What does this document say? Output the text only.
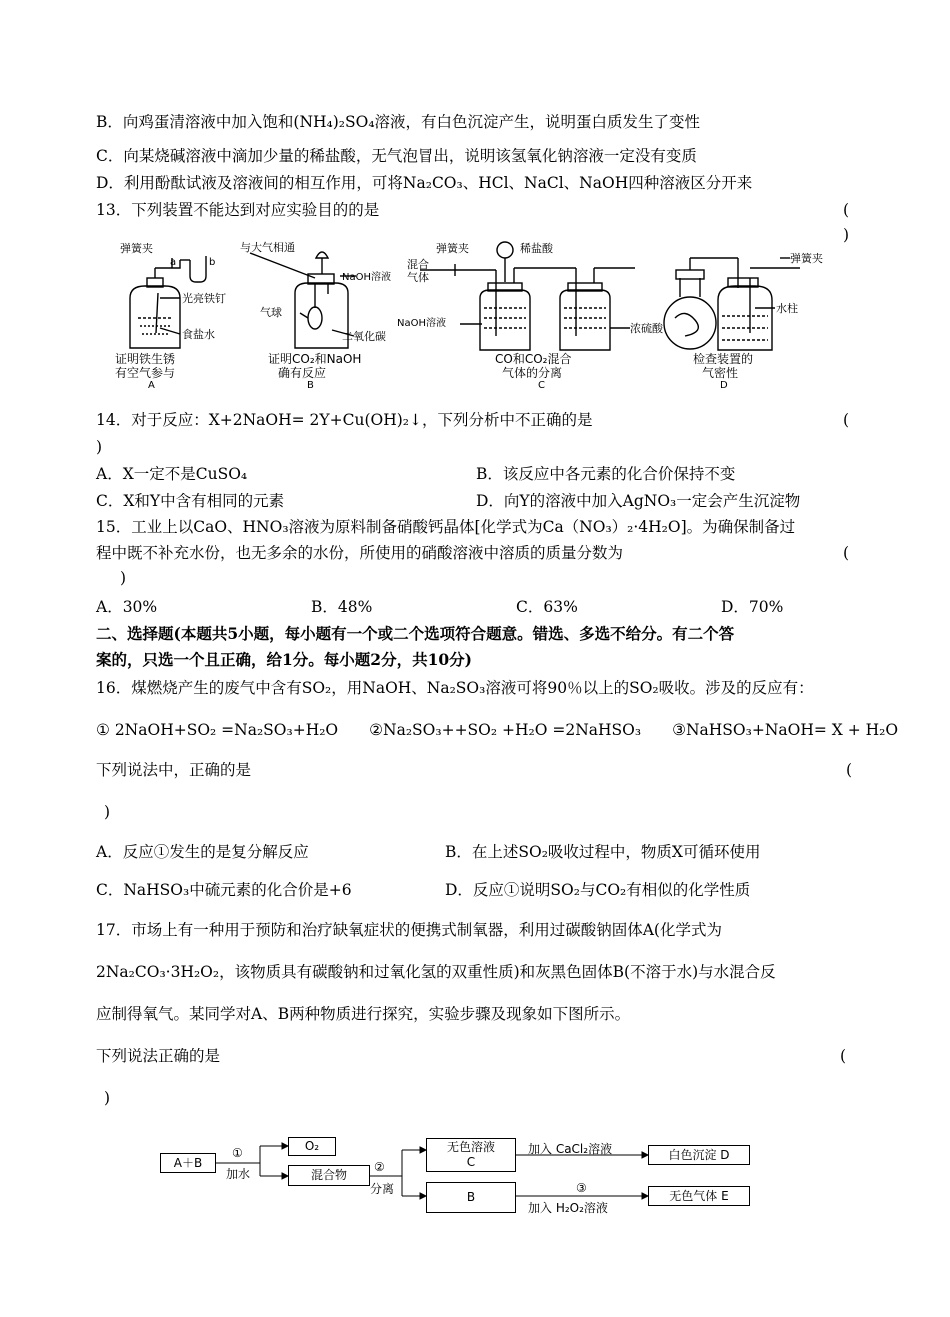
B．向鸡蛋清溶液中加入饱和(NH₄)₂SO₄溶液，有白色沉淀产生，说明蛋白质发生了变性
C．向某烧碱溶液中滴加少量的稀盐酸，无气泡冒出，说明该氢氧化钠溶液一定没有变质
D．利用酚酞试液及溶液间的相互作用，可将Na₂CO₃、HCl、NaCl、NaOH四种溶液区分开来
13．下列装置不能达到对应实验目的的是	(
)
弹簧夹
a	b
光亮铁钉
食盐水
证明铁生锈
有空气参与
A
与大气相通
NaOH溶液
气球
二氧化碳
证明CO₂和NaOH
确有反应
B
弹簧夹	稀盐酸
混合
气体
NaOH溶液	浓硫酸
CO和CO₂混合
气体的分离
C
弹簧夹
水柱
检查装置的
气密性
D
14．对于反应：X+2NaOH= 2Y+Cu(OH)₂↓，下列分析中不正确的是	(
)
A．X一定不是CuSO₄	B．该反应中各元素的化合价保持不变
C．X和Y中含有相同的元素	D．向Y的溶液中加入AgNO₃一定会产生沉淀物
15．工业上以CaO、HNO₃溶液为原料制备硝酸钙晶体[化学式为Ca（NO₃）₂·4H₂O]。为确保制备过
程中既不补充水份，也无多余的水份，所使用的硝酸溶液中溶质的质量分数为	(
)
A．30%	B．48%	C．63%	D．70%
二、选择题(本题共5小题，每小题有一个或二个选项符合题意。错选、多选不给分。有二个答
案的，只选一个且正确，给1分。每小题2分，共10分)
16．煤燃烧产生的废气中含有SO₂，用NaOH、Na₂SO₃溶液可将90％以上的SO₂吸收。涉及的反应有：
① 2NaOH+SO₂ =Na₂SO₃+H₂O　　②Na₂SO₃++SO₂ +H₂O =2NaHSO₃　　③NaHSO₃+NaOH= X + H₂O
下列说法中，正确的是	(
)
A．反应①发生的是复分解反应	B．在上述SO₂吸收过程中，物质X可循环使用
C．NaHSO₃中硫元素的化合价是+6	D．反应①说明SO₂与CO₂有相似的化学性质
17．市场上有一种用于预防和治疗缺氧症状的便携式制氧器，利用过碳酸钠固体A(化学式为
2Na₂CO₃·3H₂O₂，该物质具有碳酸钠和过氧化氢的双重性质)和灰黑色固体B(不溶于水)与水混合反
应制得氧气。某同学对A、B两种物质进行探究，实验步骤及现象如下图所示。
下列说法正确的是	(
)
A＋B
①
加水
O₂
混合物
②
分离
无色溶液
C
加入 CaCl₂溶液	白色沉淀 D
B
③
加入 H₂O₂溶液
无色气体 E
